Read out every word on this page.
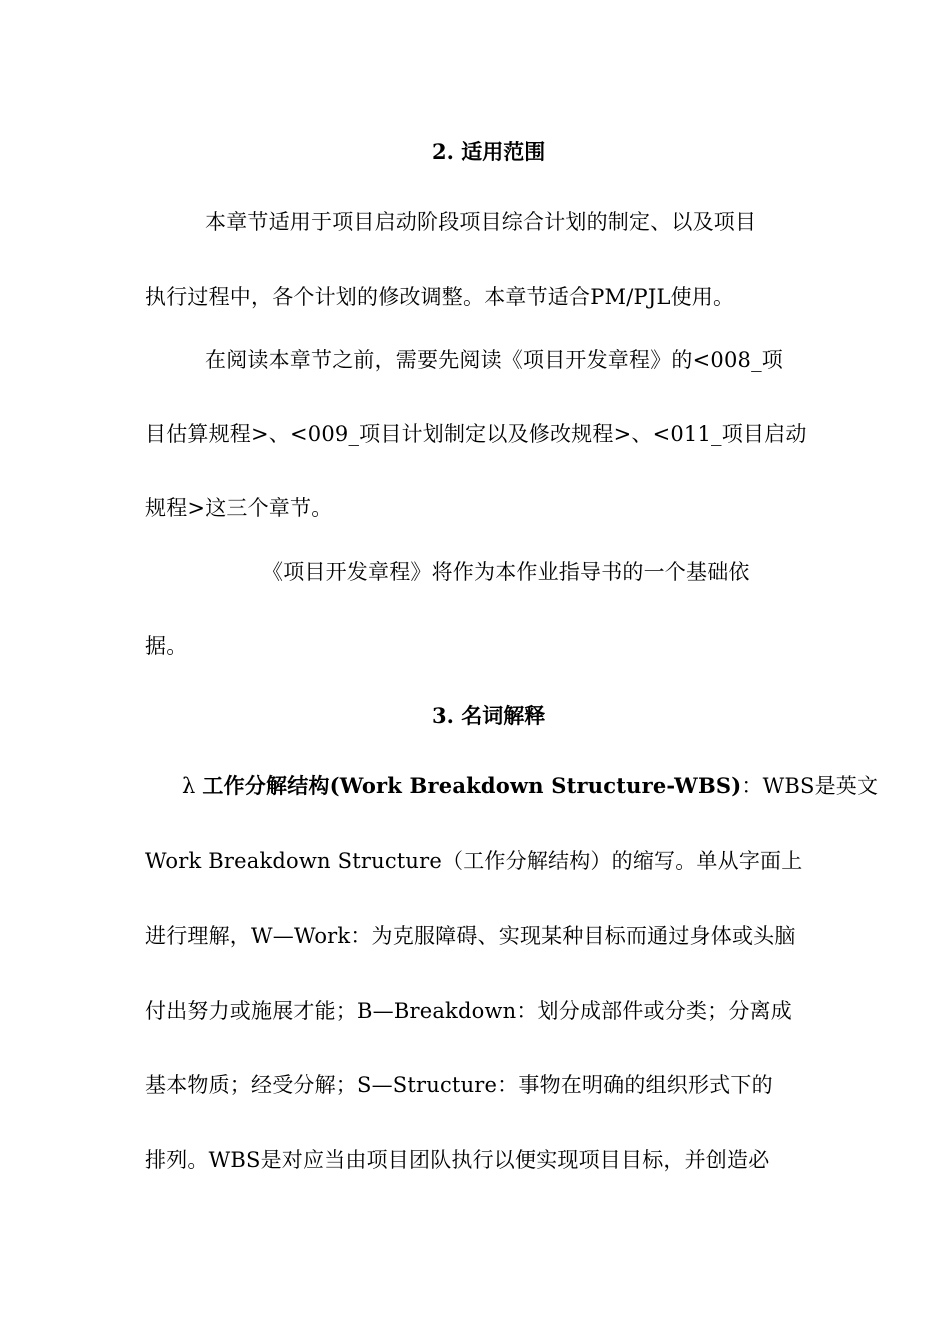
2. 适用范围
本章节适用于项目启动阶段项目综合计划的制定、以及项目
执行过程中，各个计划的修改调整。本章节适合PM/PJL使用。
在阅读本章节之前，需要先阅读《项目开发章程》的<008_项
目估算规程>、<009_项目计划制定以及修改规程>、<011_项目启动
规程>这三个章节。
《项目开发章程》将作为本作业指导书的一个基础依
据。
3. 名词解释
λ 工作分解结构(Work Breakdown Structure-WBS)：WBS是英文
Work Breakdown Structure（工作分解结构）的缩写。单从字面上
进行理解，W—Work：为克服障碍、实现某种目标而通过身体或头脑
付出努力或施展才能；B—Breakdown：划分成部件或分类；分离成
基本物质；经受分解；S—Structure：事物在明确的组织形式下的
排列。WBS是对应当由项目团队执行以便实现项目目标，并创造必
